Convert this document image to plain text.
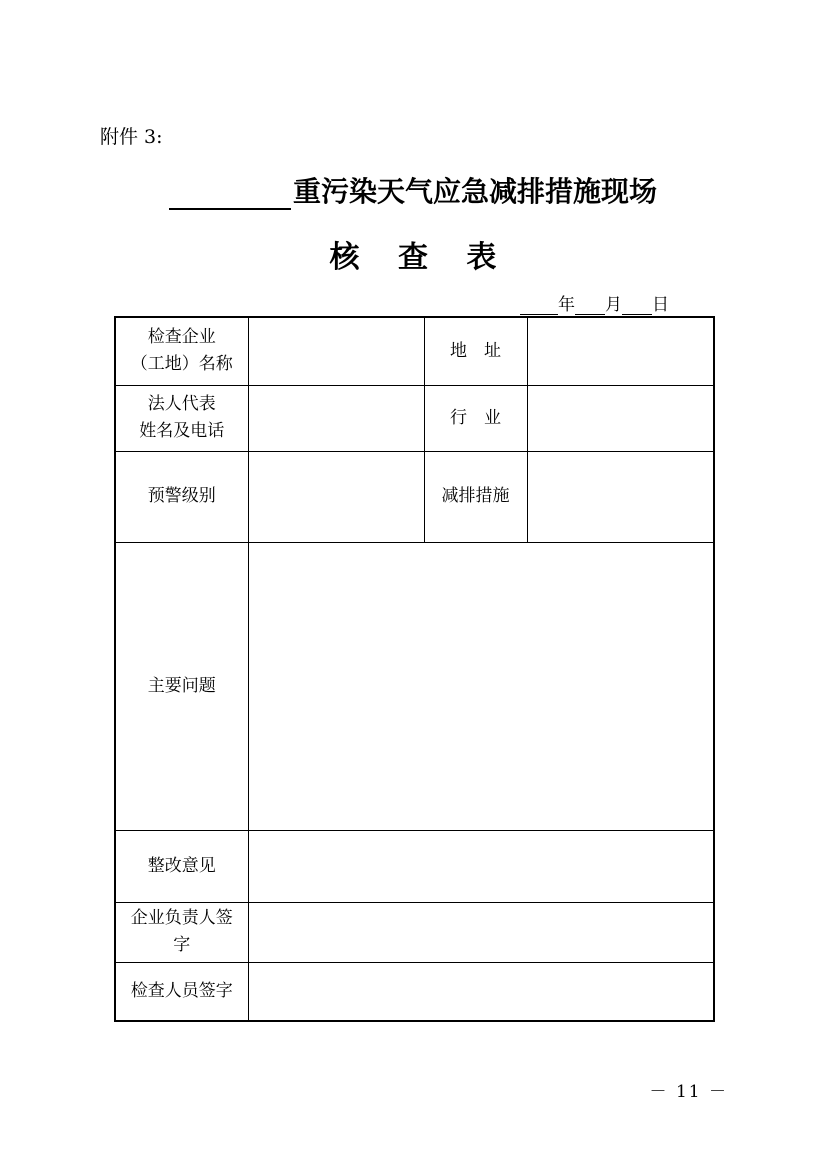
附件 3:
重污染天气应急减排措施现场
核 查 表
年 月 日
检查企业
（工地）名称		地　址	
法人代表
姓名及电话		行　业	
预警级别		减排措施	
主要问题			
整改意见			
企业负责人签
字			
检查人员签字			
－ 11 －
